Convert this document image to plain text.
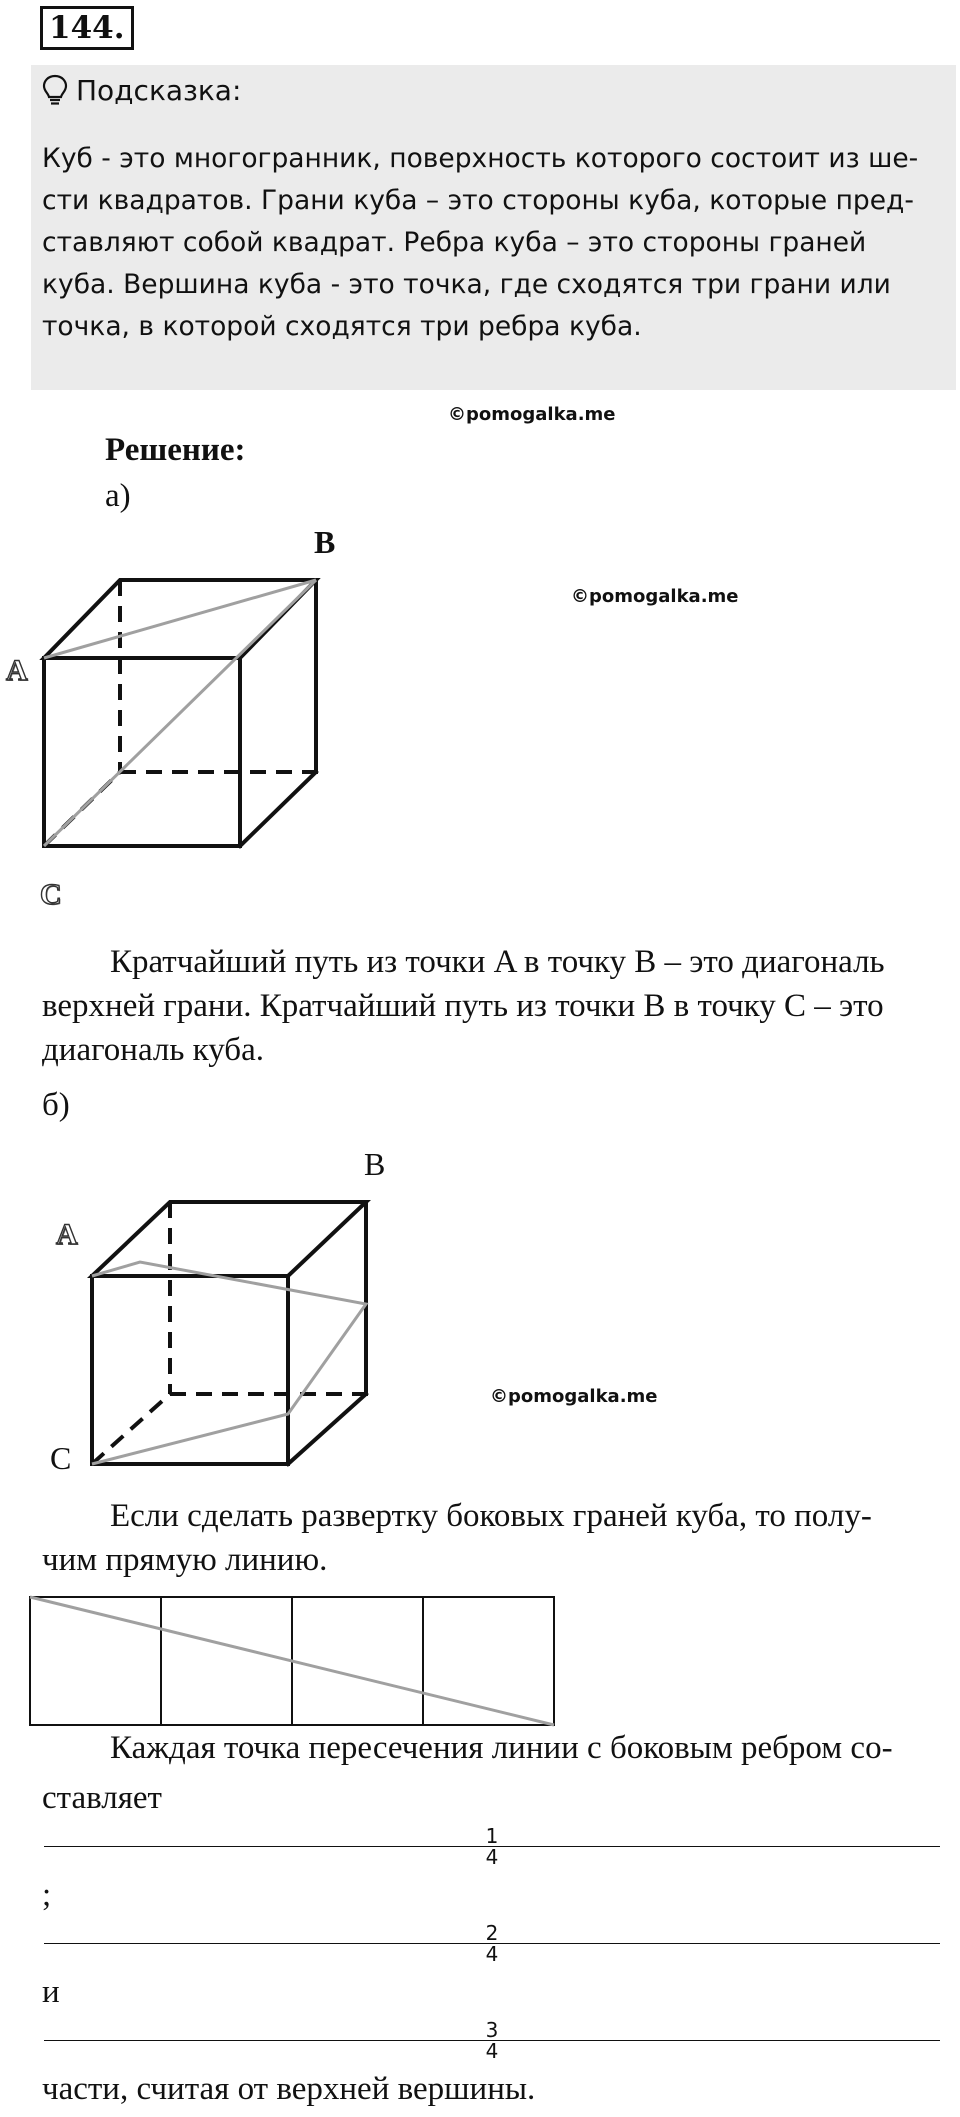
144.
Подсказка:
Куб - это многогранник, поверхность которого состоит из ше-
сти квадратов. Грани куба – это стороны куба, которые пред-
ставляют собой квадрат. Ребра куба – это стороны граней
куба. Вершина куба - это точка, где сходятся три грани или
точка, в которой сходятся три ребра куба.
©pomogalka.me
Решение:
а)
B
A
C
©pomogalka.me
Кратчайший путь из точки A в точку B – это диагональ
верхней грани. Кратчайший путь из точки B в точку C – это
диагональ куба.
б)
B
A
C
©pomogalka.me
Если сделать развертку боковых граней куба, то полу-
чим прямую линию.
Каждая точка пересечения линии с боковым ребром со-
ставляет
1
4
;
2
4
и
3
4
части, считая от верхней вершины.
